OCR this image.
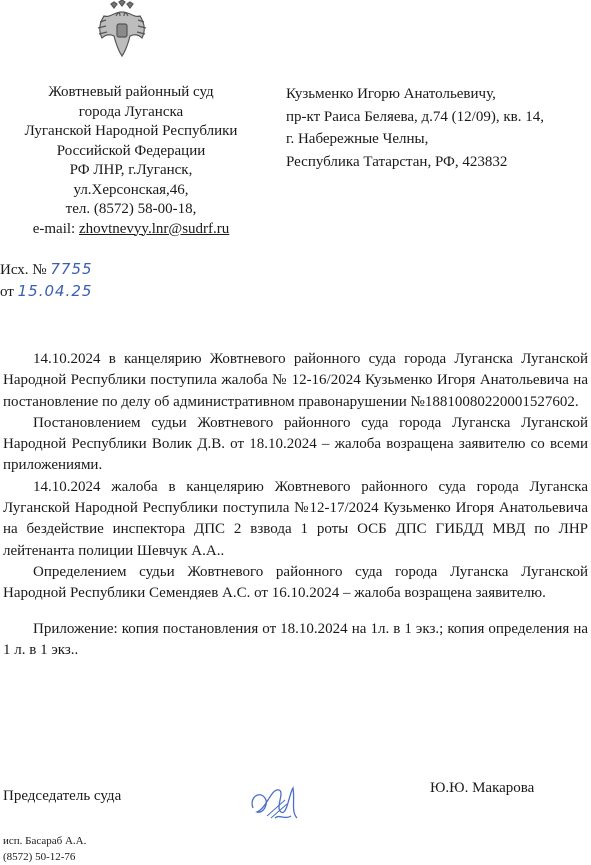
Жовтневый районный суд
города Луганска
Луганской Народной Республики
Российской Федерации
РФ ЛНР, г.Луганск,
ул.Херсонская,46,
тел. (8572) 58-00-18,
e-mail: zhovtnevyy.lnr@sudrf.ru
Кузьменко Игорю Анатольевичу,
пр-кт Раиса Беляева, д.74 (12/09), кв. 14,
г. Набережные Челны,
Республика Татарстан, РФ, 423832
Исх. № 7755
от 15.04.25

14.10.2024 в канцелярию Жовтневого районного суда города Луганска Луганской Народной Республики поступила жалоба № 12-16/2024 Кузьменко Игоря Анатольевича на постановление по делу об административном правонарушении №18810080220001527602.

Постановлением судьи Жовтневого районного суда города Луганска Луганской Народной Республики Волик Д.В. от 18.10.2024 – жалоба возращена заявителю со всеми приложениями.

14.10.2024 жалоба в канцелярию Жовтневого районного суда города Луганска Луганской Народной Республики поступила №12-17/2024 Кузьменко Игоря Анатольевича на бездействие инспектора ДПС 2 взвода 1 роты ОСБ ДПС ГИБДД МВД по ЛНР лейтенанта полиции Шевчук А.А..

Определением судьи Жовтневого районного суда города Луганска Луганской Народной Республики Семендяев А.С. от 16.10.2024 – жалоба возращена заявителю.

Приложение: копия постановления от 18.10.2024 на 1л. в 1 экз.; копия определения на 1 л. в 1 экз..

Председатель суда	Ю.Ю. Макарова
исп. Басараб А.А.
(8572) 50-12-76
